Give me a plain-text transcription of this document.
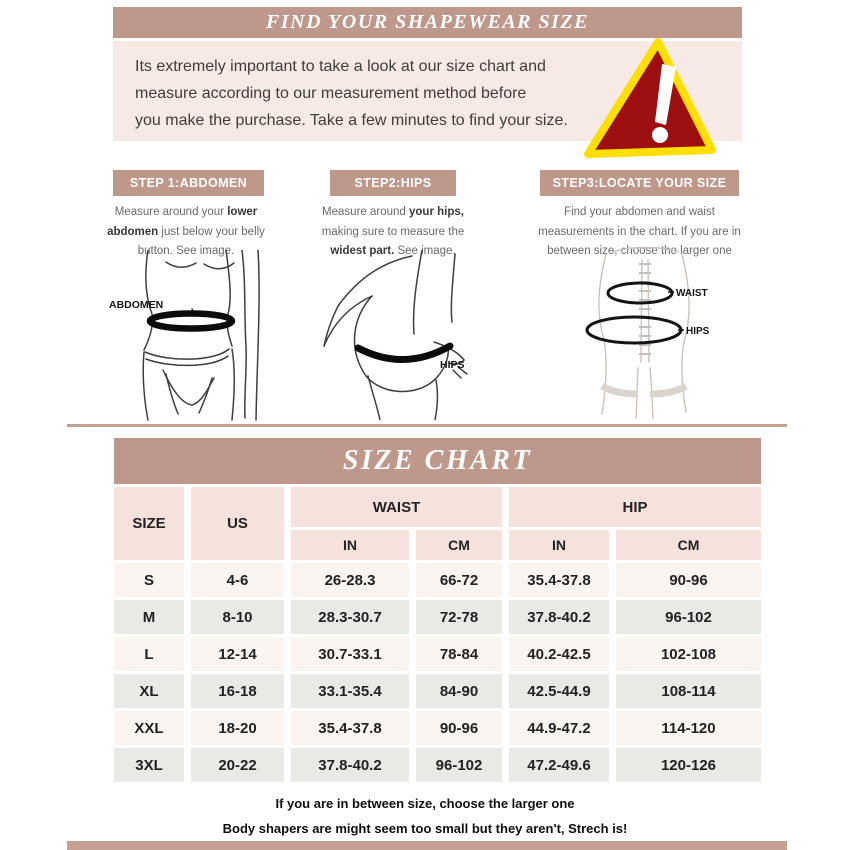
FIND YOUR SHAPEWEAR SIZE
Its extremely important to take a look at our size chart and
measure according to our measurement method before
you make the purchase. Take a few minutes to find your size.
STEP 1:ABDOMEN	STEP2:HIPS	STEP3:LOCATE YOUR SIZE
Measure around your lower abdomen just below your belly button. See image.
Measure around your hips, making sure to measure the widest part. See image.
Find your abdomen and waist measurements in the chart. If you are in between size, choose the larger one
ABDOMEN
HIPS
WAIST
HIPS
SIZE CHART
SIZE	US
WAIST	HIP
IN	CM	IN	CM
S	4-6	26-28.3	66-72	35.4-37.8	90-96
M	8-10	28.3-30.7	72-78	37.8-40.2	96-102
L	12-14	30.7-33.1	78-84	40.2-42.5	102-108
XL	16-18	33.1-35.4	84-90	42.5-44.9	108-114
XXL	18-20	35.4-37.8	90-96	44.9-47.2	114-120
3XL	20-22	37.8-40.2	96-102	47.2-49.6	120-126
If you are in between size, choose the larger one
Body shapers are might seem too small but they aren't, Strech is!
